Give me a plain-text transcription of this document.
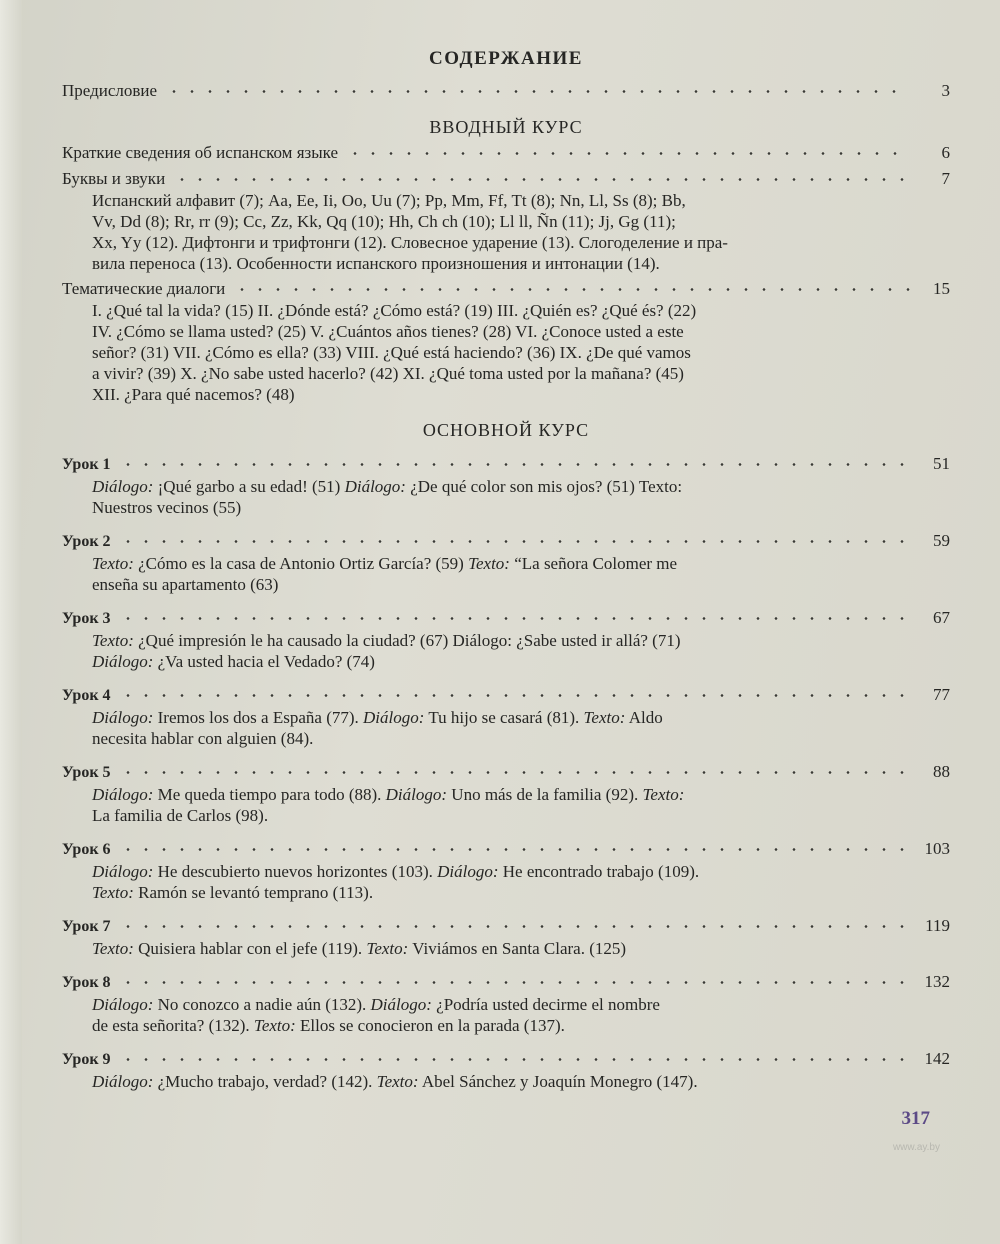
СОДЕРЖАНИЕ
Предисловие	3
ВВОДНЫЙ КУРС
Краткие сведения об испанском языке	6
Буквы и звуки	7
Испанский алфавит (7); Aa, Ee, Ii, Oo, Uu (7); Pp, Mm, Ff, Tt (8); Nn, Ll, Ss (8); Bb,
Vv, Dd (8); Rr, rr (9); Cc, Zz, Kk, Qq (10); Hh, Ch ch (10); Ll ll, Ñn (11); Jj, Gg (11);
Xx, Yy (12). Дифтонги и трифтонги (12). Словесное ударение (13). Слогоделение и пра-
вила переноса (13). Особенности испанского произношения и интонации (14).
Тематические диалоги	15
I. ¿Qué tal la vida? (15) II. ¿Dónde está? ¿Cómo está? (19) III. ¿Quién es? ¿Qué és? (22)
IV. ¿Cómo se llama usted? (25) V. ¿Cuántos años tienes? (28) VI. ¿Conoce usted a este
señor? (31) VII. ¿Cómo es ella? (33) VIII. ¿Qué está haciendo? (36) IX. ¿De qué vamos
a vivir? (39) X. ¿No sabe usted hacerlo? (42) XI. ¿Qué toma usted por la mañana? (45)
XII. ¿Para qué nacemos? (48)
ОСНОВНОЙ КУРС
Урок 1	51
Diálogo: ¡Qué garbo a su edad! (51) Diálogo: ¿De qué color son mis ojos? (51) Texto:
Nuestros vecinos (55)
Урок 2	59
Texto: ¿Cómo es la casa de Antonio Ortiz García? (59) Texto: “La señora Colomer me
enseña su apartamento (63)
Урок 3	67
Texto: ¿Qué impresión le ha causado la ciudad? (67) Diálogo: ¿Sabe usted ir allá? (71)
Diálogo: ¿Va usted hacia el Vedado? (74)
Урок 4	77
Diálogo: Iremos los dos a España (77). Diálogo: Tu hijo se casará (81). Texto: Aldo
necesita hablar con alguien (84).
Урок 5	88
Diálogo: Me queda tiempo para todo (88). Diálogo: Uno más de la familia (92). Texto:
La familia de Carlos (98).
Урок 6	103
Diálogo: He descubierto nuevos horizontes (103). Diálogo: He encontrado trabajo (109).
Texto: Ramón se levantó temprano (113).
Урок 7	119
Texto: Quisiera hablar con el jefe (119). Texto: Viviámos en Santa Clara. (125)
Урок 8	132
Diálogo: No conozco a nadie aún (132). Diálogo: ¿Podría usted decirme el nombre
de esta señorita? (132). Texto: Ellos se conocieron en la parada (137).
Урок 9	142
Diálogo: ¿Mucho trabajo, verdad? (142). Texto: Abel Sánchez y Joaquín Monegro (147).
317
www.ay.by
